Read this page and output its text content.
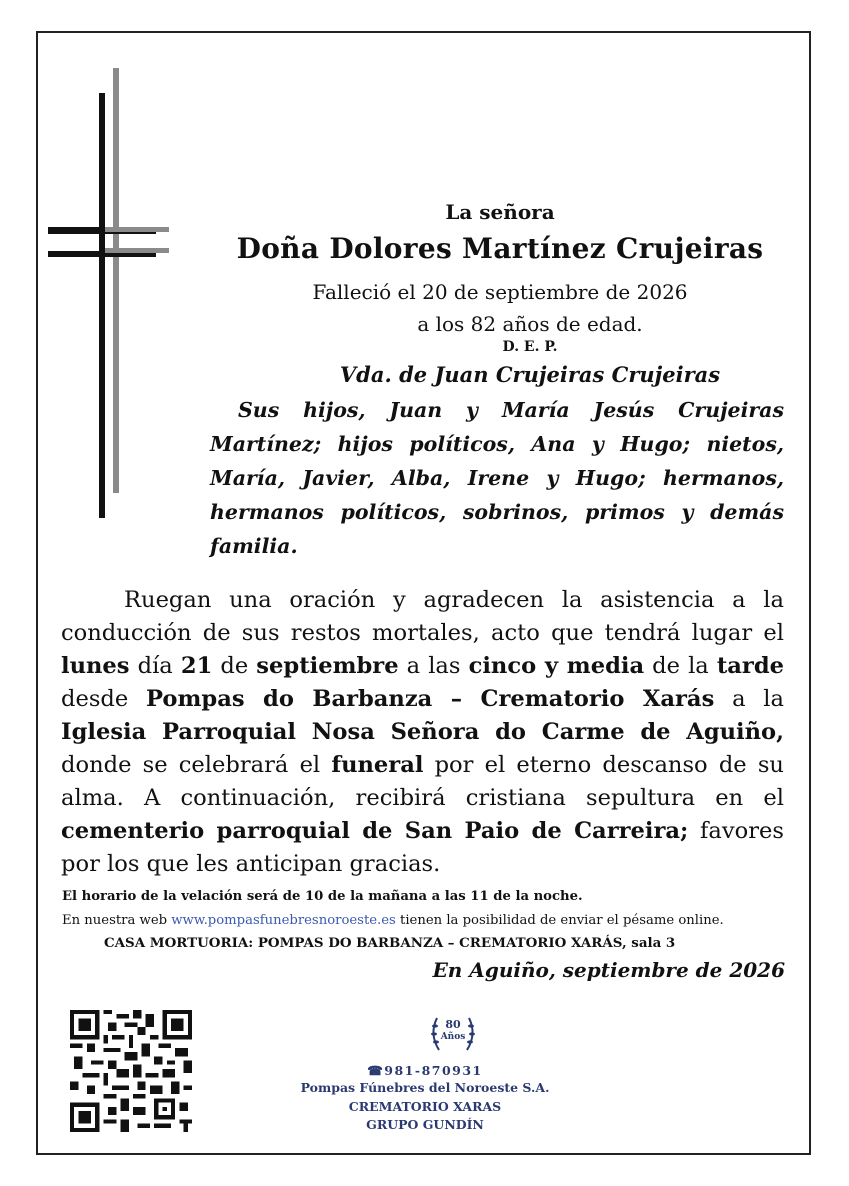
La señora
Doña Dolores Martínez Crujeiras
Falleció el 20 de septiembre de 2026
a los 82 años de edad.
D. E. P.
Vda. de Juan Crujeiras Crujeiras
Sus hijos, Juan y María Jesús Crujeiras Martínez; hijos políticos, Ana y Hugo; nietos, María, Javier, Alba, Irene y Hugo; hermanos, hermanos políticos, sobrinos, primos y demás familia.
Ruegan una oración y agradecen la asistencia a la conducción de sus restos mortales, acto que tendrá lugar el lunes día 21 de septiembre a las cinco y media de la tarde desde Pompas do Barbanza – Crematorio Xarás a la Iglesia Parroquial Nosa Señora do Carme de Aguiño, donde se celebrará el funeral por el eterno descanso de su alma. A continuación, recibirá cristiana sepultura en el cementerio parroquial de San Paio de Carreira; favores por los que les anticipan gracias.
El horario de la velación será de 10 de la mañana a las 11 de la noche.
En nuestra web www.pompasfunebresnoroeste.es tienen la posibilidad de enviar el pésame online.
CASA MORTUORIA: POMPAS DO BARBANZA – CREMATORIO XARÁS, sala 3
En Aguiño, septiembre de 2026
80
Años
☎981-870931
Pompas Fúnebres del Noroeste S.A.
CREMATORIO XARAS
GRUPO GUNDÍN
